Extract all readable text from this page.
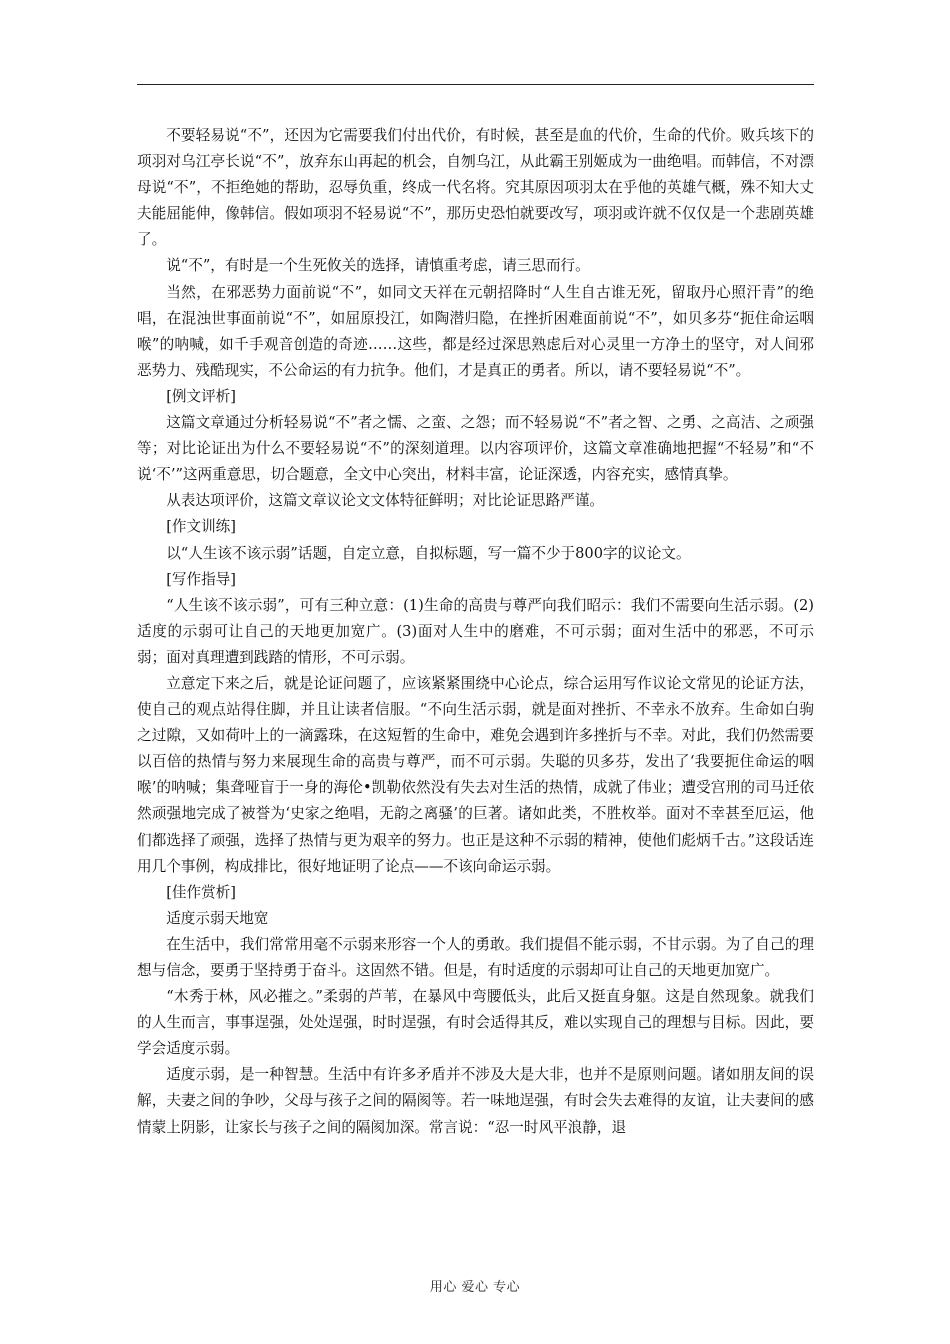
不要轻易说“不”，还因为它需要我们付出代价，有时候，甚至是血的代价，生命的代价。败兵垓下的项羽对乌江亭长说“不”，放弃东山再起的机会，自刎乌江，从此霸王别姬成为一曲绝唱。而韩信，不对漂母说“不”，不拒绝她的帮助，忍辱负重，终成一代名将。究其原因项羽太在乎他的英雄气概，殊不知大丈夫能屈能伸，像韩信。假如项羽不轻易说“不”，那历史恐怕就要改写，项羽或许就不仅仅是一个悲剧英雄了。

说“不”，有时是一个生死攸关的选择，请慎重考虑，请三思而行。

当然，在邪恶势力面前说“不”，如同文天祥在元朝招降时“人生自古谁无死，留取丹心照汗青”的绝唱，在混浊世事面前说“不”，如屈原投江，如陶潜归隐，在挫折困难面前说“不”，如贝多芬“扼住命运咽喉”的呐喊，如千手观音创造的奇迹……这些，都是经过深思熟虑后对心灵里一方净土的坚守，对人间邪恶势力、残酷现实，不公命运的有力抗争。他们，才是真正的勇者。所以，请不要轻易说“不”。

[例文评析]

这篇文章通过分析轻易说“不”者之懦、之蛮、之怨；而不轻易说“不”者之智、之勇、之高洁、之顽强等；对比论证出为什么不要轻易说“不”的深刻道理。以内容项评价，这篇文章准确地把握“不轻易”和“不说‘不’”这两重意思，切合题意，全文中心突出，材料丰富，论证深透，内容充实，感情真挚。

从表达项评价，这篇文章议论文文体特征鲜明；对比论证思路严谨。

[作文训练]

以“人生该不该示弱”话题，自定立意，自拟标题，写一篇不少于800字的议论文。

[写作指导]

“人生该不该示弱”，可有三种立意：(1)生命的高贵与尊严向我们昭示：我们不需要向生活示弱。(2)适度的示弱可让自己的天地更加宽广。(3)面对人生中的磨难，不可示弱；面对生活中的邪恶，不可示弱；面对真理遭到践踏的情形，不可示弱。

立意定下来之后，就是论证问题了，应该紧紧围绕中心论点，综合运用写作议论文常见的论证方法，使自己的观点站得住脚，并且让读者信服。“不向生活示弱，就是面对挫折、不幸永不放弃。生命如白驹之过隙，又如荷叶上的一滴露珠，在这短暂的生命中，难免会遇到许多挫折与不幸。对此，我们仍然需要以百倍的热情与努力来展现生命的高贵与尊严，而不可示弱。失聪的贝多芬，发出了‘我要扼住命运的咽喉’的呐喊；集聋哑盲于一身的海伦•凯勒依然没有失去对生活的热情，成就了伟业；遭受宫刑的司马迁依然顽强地完成了被誉为‘史家之绝唱，无韵之离骚’的巨著。诸如此类，不胜枚举。面对不幸甚至厄运，他们都选择了顽强，选择了热情与更为艰辛的努力。也正是这种不示弱的精神，使他们彪炳千古。”这段话连用几个事例，构成排比，很好地证明了论点——不该向命运示弱。

[佳作赏析]

适度示弱天地宽

在生活中，我们常常用毫不示弱来形容一个人的勇敢。我们提倡不能示弱，不甘示弱。为了自己的理想与信念，要勇于坚持勇于奋斗。这固然不错。但是，有时适度的示弱却可让自己的天地更加宽广。

“木秀于林，风必摧之。”柔弱的芦苇，在暴风中弯腰低头，此后又挺直身躯。这是自然现象。就我们的人生而言，事事逞强，处处逞强，时时逞强，有时会适得其反，难以实现自己的理想与目标。因此，要学会适度示弱。

适度示弱，是一种智慧。生活中有许多矛盾并不涉及大是大非，也并不是原则问题。诸如朋友间的误解，夫妻之间的争吵，父母与孩子之间的隔阂等。若一味地逞强，有时会失去难得的友谊，让夫妻间的感情蒙上阴影，让家长与孩子之间的隔阂加深。常言说：“忍一时风平浪静，退

用心 爱心 专心
